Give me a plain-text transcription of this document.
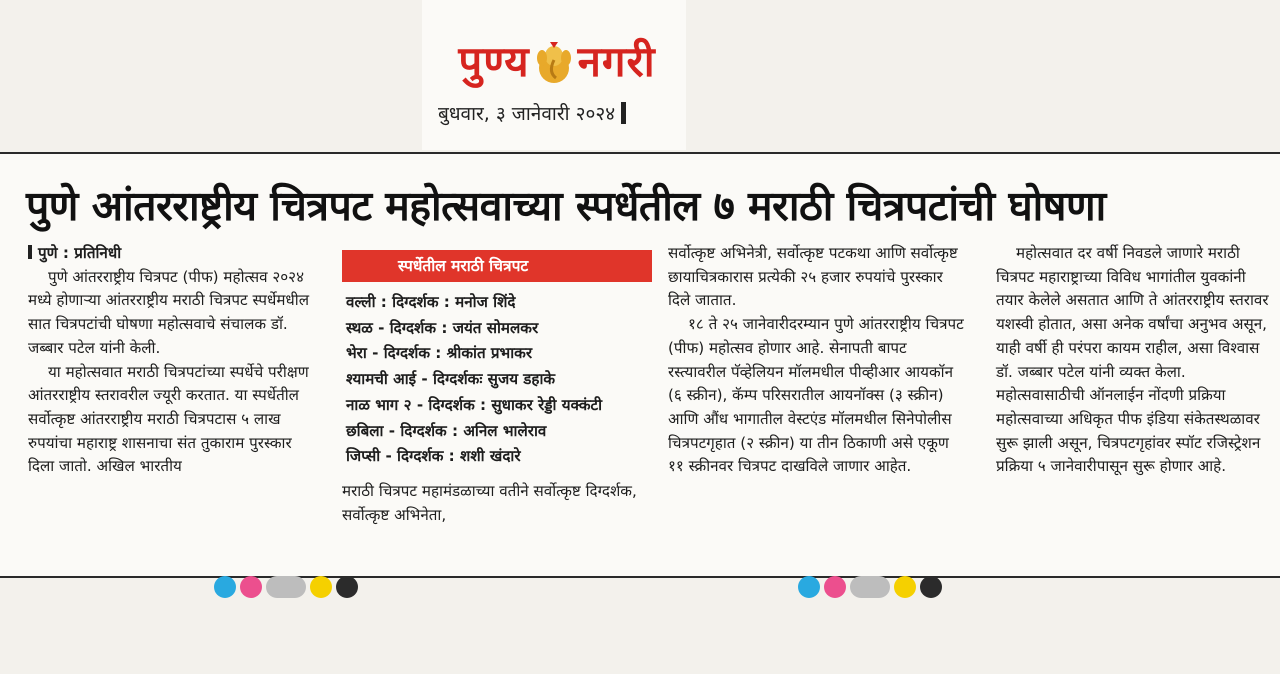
पुण्य नगरी
बुधवार, ३ जानेवारी २०२४
पुणे आंतरराष्ट्रीय चित्रपट महोत्सवाच्या स्पर्धेतील ७ मराठी चित्रपटांची घोषणा

पुणे : प्रतिनिधी

पुणे आंतरराष्ट्रीय चित्रपट (पीफ) महोत्सव २०२४ मध्ये होणाऱ्या आंतरराष्ट्रीय मराठी चित्रपट स्पर्धेमधील सात चित्रपटांची घोषणा महोत्सवाचे संचालक डॉ. जब्बार पटेल यांनी केली.

या महोत्सवात मराठी चित्रपटांच्या स्पर्धेचे परीक्षण आंतरराष्ट्रीय स्तरावरील ज्यूरी करतात. या स्पर्धेतील सर्वोत्कृष्ट आंतरराष्ट्रीय मराठी चित्रपटास ५ लाख रुपयांचा महाराष्ट्र शासनाचा संत तुकाराम पुरस्कार दिला जातो. अखिल भारतीय

स्पर्धेतील मराठी चित्रपट
वल्ली : दिग्दर्शक : मनोज शिंदे
स्थळ - दिग्दर्शक : जयंत सोमलकर
भेरा - दिग्दर्शक : श्रीकांत प्रभाकर
श्यामची आई - दिग्दर्शकः सुजय डहाके
नाळ भाग २ - दिग्दर्शक : सुधाकर रेड्डी यक्कंटी
छबिला - दिग्दर्शक : अनिल भालेराव
जिप्सी - दिग्दर्शक : शशी खंदारे

मराठी चित्रपट महामंडळाच्या वतीने सर्वोत्कृष्ट दिग्दर्शक, सर्वोत्कृष्ट अभिनेता,

सर्वोत्कृष्ट अभिनेत्री, सर्वोत्कृष्ट पटकथा आणि सर्वोत्कृष्ट छायाचित्रकारास प्रत्येकी २५ हजार रुपयांचे पुरस्कार दिले जातात.

१८ ते २५ जानेवारीदरम्यान पुणे आंतरराष्ट्रीय चित्रपट (पीफ) महोत्सव होणार आहे. सेनापती बापट रस्त्यावरील पॅव्हेलियन मॉलमधील पीव्हीआर आयकॉन (६ स्क्रीन), कॅम्प परिसरातील आयनॉक्स (३ स्क्रीन) आणि औंध भागातील वेस्टएंड मॉलमधील सिनेपोलीस चित्रपटगृहात (२ स्क्रीन) या तीन ठिकाणी असे एकूण ११ स्क्रीनवर चित्रपट दाखविले जाणार आहेत.

महोत्सवात दर वर्षी निवडले जाणारे मराठी चित्रपट महाराष्ट्राच्या विविध भागांतील युवकांनी तयार केलेले असतात आणि ते आंतरराष्ट्रीय स्तरावर यशस्वी होतात, असा अनेक वर्षांचा अनुभव असून, याही वर्षी ही परंपरा कायम राहील, असा विश्वास डॉ. जब्बार पटेल यांनी व्यक्त केला. महोत्सवासाठीची ऑनलाईन नोंदणी प्रक्रिया महोत्सवाच्या अधिकृत पीफ इंडिया संकेतस्थळावर सुरू झाली असून, चित्रपटगृहांवर स्पॉट रजिस्ट्रेशन प्रक्रिया ५ जानेवारीपासून सुरू होणार आहे.
